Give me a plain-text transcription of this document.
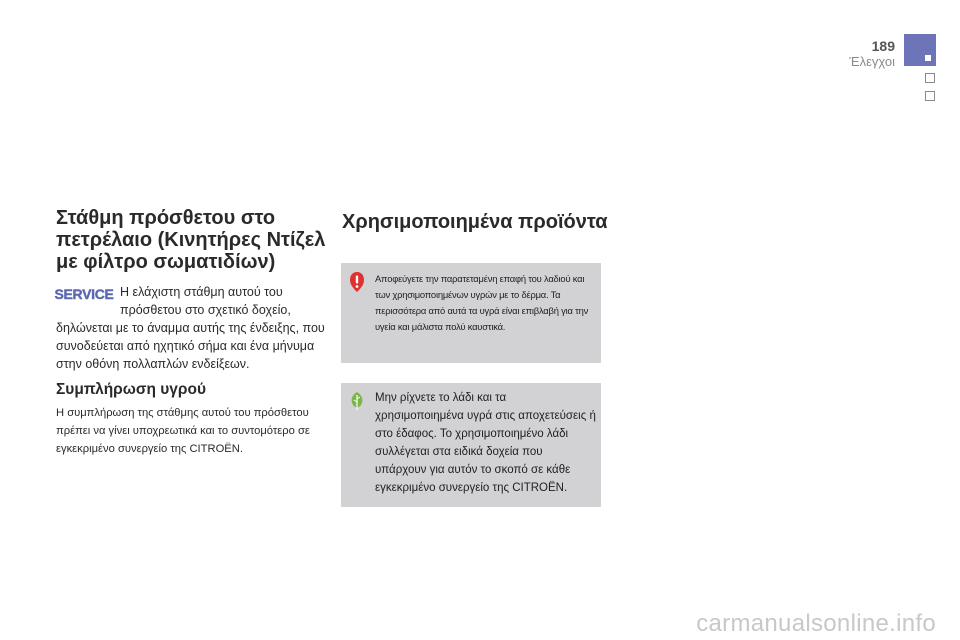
189
Έλεγχοι
Στάθμη πρόσθετου στο πετρέλαιο (Κινητήρες Ντίζελ με φίλτρο σωματιδίων)
SERVICE Η ελάχιστη στάθμη αυτού του πρόσθετου στο σχετικό δοχείο,
δηλώνεται με το άναμμα αυτής της ένδειξης, που συνοδεύεται από ηχητικό σήμα και ένα μήνυμα στην οθόνη πολλαπλών ενδείξεων.
Συμπλήρωση υγρού
Η συμπλήρωση της στάθμης αυτού του πρόσθετου πρέπει να γίνει υποχρεωτικά και το συντομότερο σε εγκεκριμένο συνεργείο της CITROËN.
Χρησιμοποιημένα προϊόντα
Αποφεύγετε την παρατεταμένη επαφή του λαδιού και των χρησιμοποιημένων υγρών με το δέρμα. Τα περισσότερα από αυτά τα υγρά είναι επιβλαβή για την υγεία και μάλιστα πολύ καυστικά.
Μην ρίχνετε το λάδι και τα χρησιμοποιημένα υγρά στις αποχετεύσεις ή στο έδαφος. Το χρησιμοποιημένο λάδι συλλέγεται στα ειδικά δοχεία που υπάρχουν για αυτόν το σκοπό σε κάθε εγκεκριμένο συνεργείο της CITROËN.
carmanualsonline.info
